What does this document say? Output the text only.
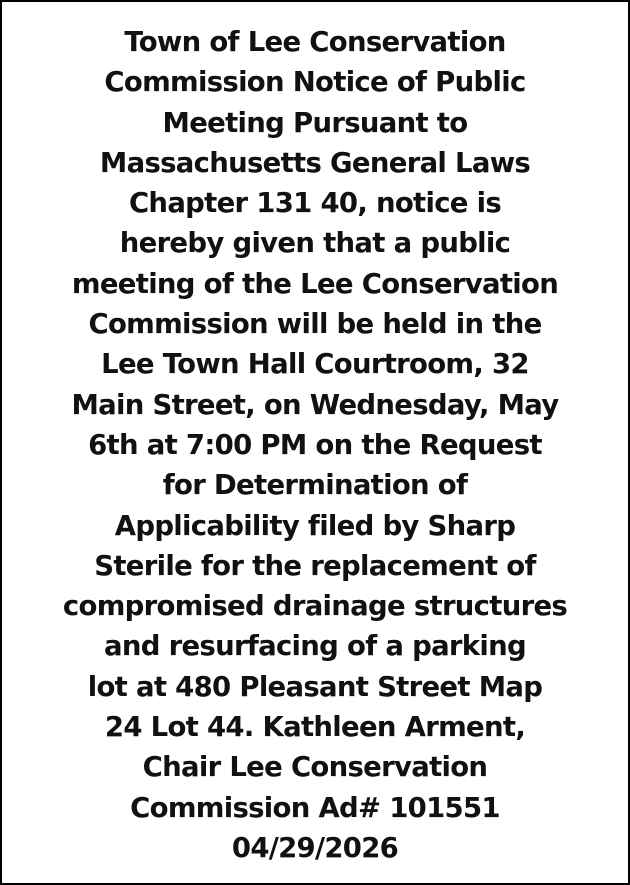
Town of Lee Conservation
Commission Notice of Public
Meeting Pursuant to
Massachusetts General Laws
Chapter 131 40, notice is
hereby given that a public
meeting of the Lee Conservation
Commission will be held in the
Lee Town Hall Courtroom, 32
Main Street, on Wednesday, May
6th at 7:00 PM on the Request
for Determination of
Applicability filed by Sharp
Sterile for the replacement of
compromised drainage structures
and resurfacing of a parking
lot at 480 Pleasant Street Map
24 Lot 44. Kathleen Arment,
Chair Lee Conservation
Commission Ad# 101551
04/29/2026
